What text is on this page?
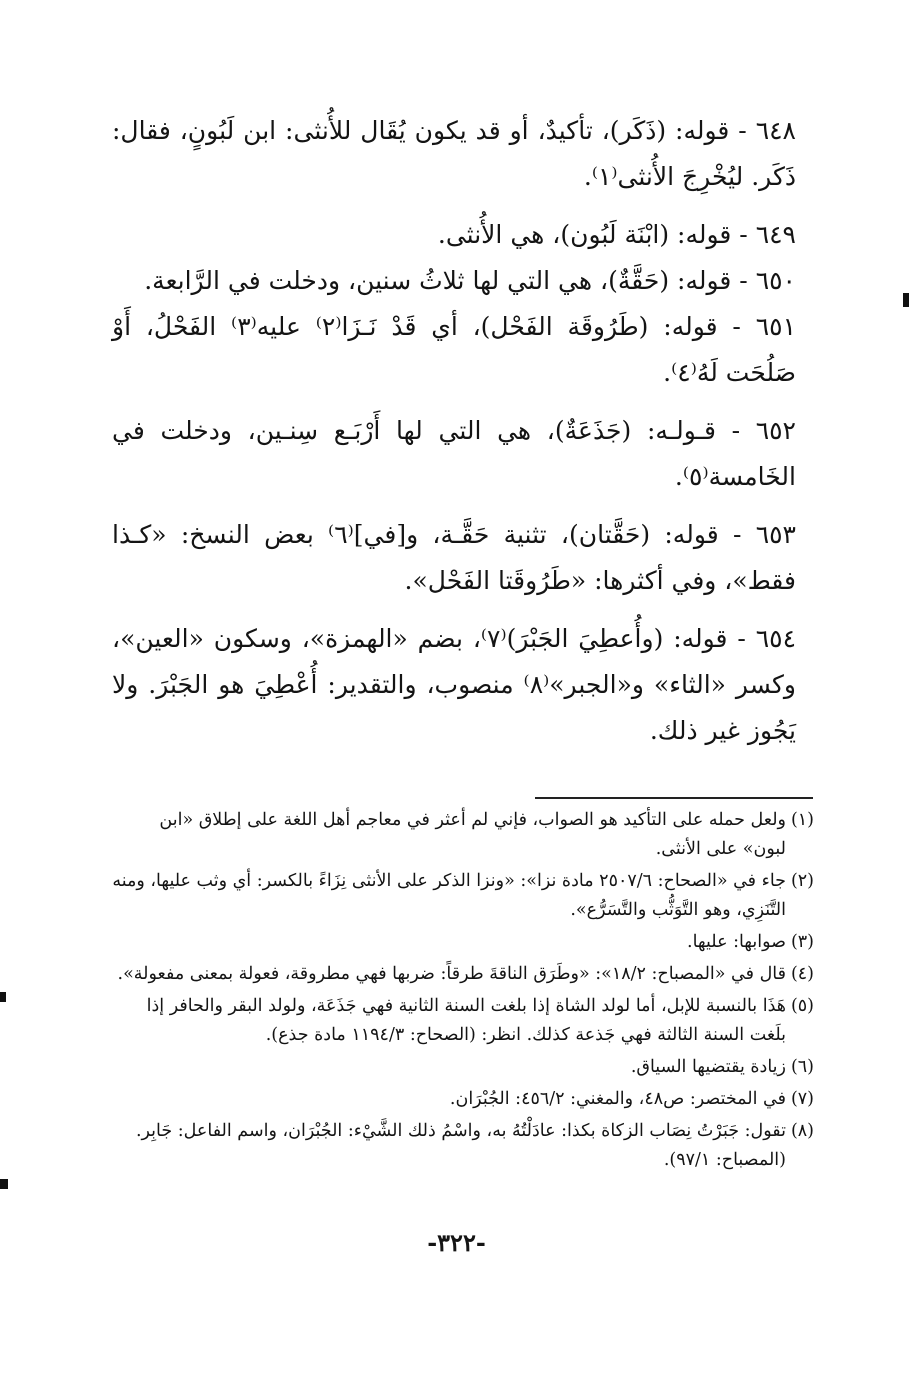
٦٤٨ - قوله: (ذَكَر)، تأكيدٌ، أو قد يكون يُقَال للأُنثى: ابن لَبُونٍ، فقال: ذَكَر. ليُخْرِجَ الأُنثى⁽١⁾.

٦٤٩ - قوله: (ابْنَة لَبُون)، هي الأُنثى.

٦٥٠ - قوله: (حَقَّةٌ)، هي التي لها ثلاثُ سنين، ودخلت في الرَّابعة.

٦٥١ - قوله: (طَرُوقَة الفَحْل)، أي قَدْ نَـزَا⁽٢⁾ عليه⁽٣⁾ الفَحْلُ، أَوْ صَلُحَت لَهُ⁽٤⁾.

٦٥٢ - قـولـه: (جَذَعَةٌ)، هي التي لها أَرْبَـع سِنـين، ودخلت في الخَامسة⁽٥⁾.

٦٥٣ - قوله: (حَقَّتان)، تثنية حَقَّـة، و[في]⁽٦⁾ بعض النسخ: «كـذا فقط»، وفي أكثرها: «طَرُوقَتا الفَحْل».

٦٥٤ - قوله: (وأُعطِيَ الجَبْرَ)⁽٧⁾، بضم «الهمزة»، وسكون «العين»، وكسر «الثاء» و«الجبر»⁽٨⁾ منصوب، والتقدير: أُعْطِيَ هو الجَبْرَ. ولا يَجُوز غير ذلك.

(١)
ولعل حمله على التأكيد هو الصواب، فإني لم أعثر في معاجم أهل اللغة على إطلاق «ابن لبون» على الأنثى.

(٢)
جاء في «الصحاح: ٢٥٠٧/٦ مادة نزا»: «ونزا الذكر على الأنثى نِزَاءً بالكسر: أي وثب عليها، ومنه التَّنَزِي، وهو التَّوَثُّب والتَّسَرُّع».

(٣)
صوابها: عليها.

(٤)
قال في «المصباح: ١٨/٢»: «وطَرَق الناقةَ طرقاً: ضربها فهي مطروقة، فعولة بمعنى مفعولة».

(٥)
هَذَا بالنسبة للإبل، أما لولد الشاة إذا بلغت السنة الثانية فهي جَذَعَة، ولولد البقر والحافر إذا بلَغت السنة الثالثة فهي جَذعة كذلك. انظر: (الصحاح: ١١٩٤/٣ مادة جذع).

(٦)
زيادة يقتضيها السياق.

(٧)
في المختصر: ص٤٨، والمغني: ٤٥٦/٢: الجُبْرَان.

(٨)
تقول: جَبَرْتُ نِصَاب الزكاة بكذا: عادَلْتُهُ به، واسْمُ ذلك الشَّيْء: الجُبْرَان، واسم الفاعل: جَابِر. (المصباح: ٩٧/١).

-٣٢٢-
